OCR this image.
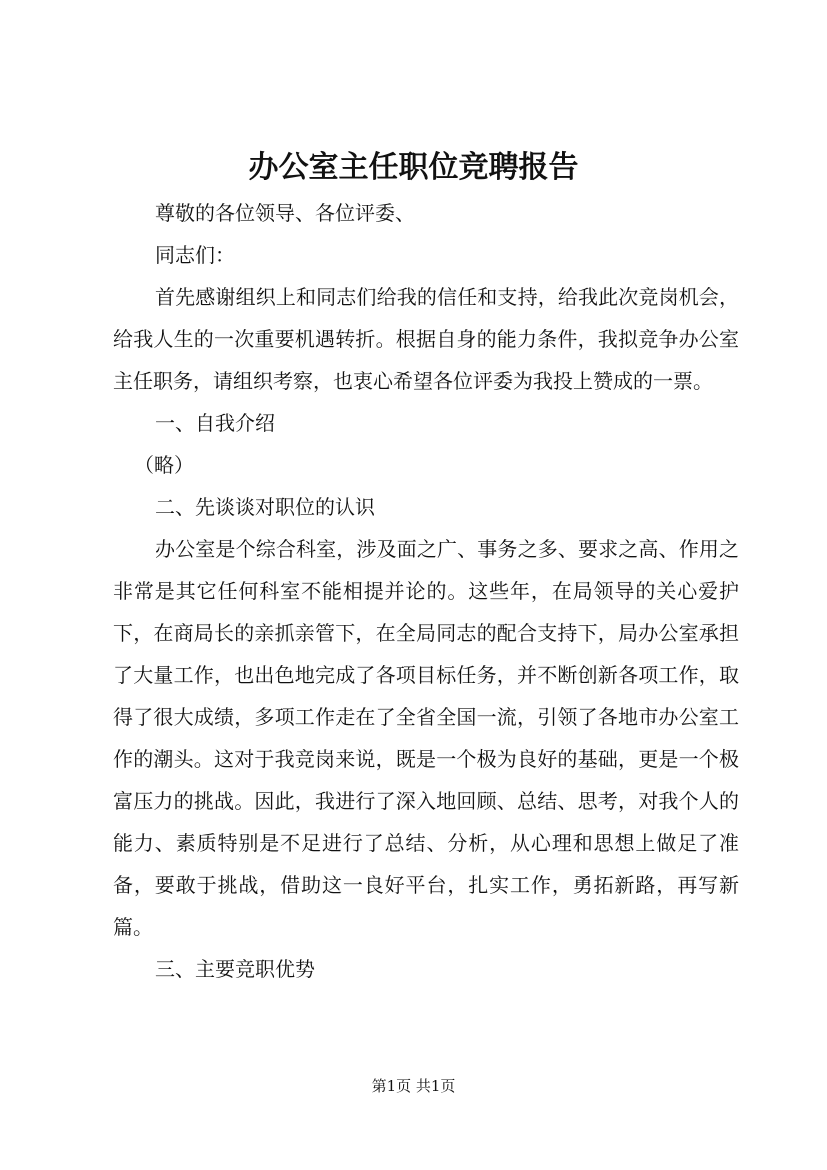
办公室主任职位竞聘报告

尊敬的各位领导、各位评委、

同志们：

首先感谢组织上和同志们给我的信任和支持，给我此次竞岗机会，给我人生的一次重要机遇转折。根据自身的能力条件，我拟竞争办公室主任职务，请组织考察，也衷心希望各位评委为我投上赞成的一票。

一、自我介绍

（略）

二、先谈谈对职位的认识

办公室是个综合科室，涉及面之广、事务之多、要求之高、作用之非常是其它任何科室不能相提并论的。这些年，在局领导的关心爱护下，在商局长的亲抓亲管下，在全局同志的配合支持下，局办公室承担了大量工作，也出色地完成了各项目标任务，并不断创新各项工作，取得了很大成绩，多项工作走在了全省全国一流，引领了各地市办公室工作的潮头。这对于我竞岗来说，既是一个极为良好的基础，更是一个极富压力的挑战。因此，我进行了深入地回顾、总结、思考，对我个人的能力、素质特别是不足进行了总结、分析，从心理和思想上做足了准备，要敢于挑战，借助这一良好平台，扎实工作，勇拓新路，再写新篇。

三、主要竞职优势

第1页 共1页
